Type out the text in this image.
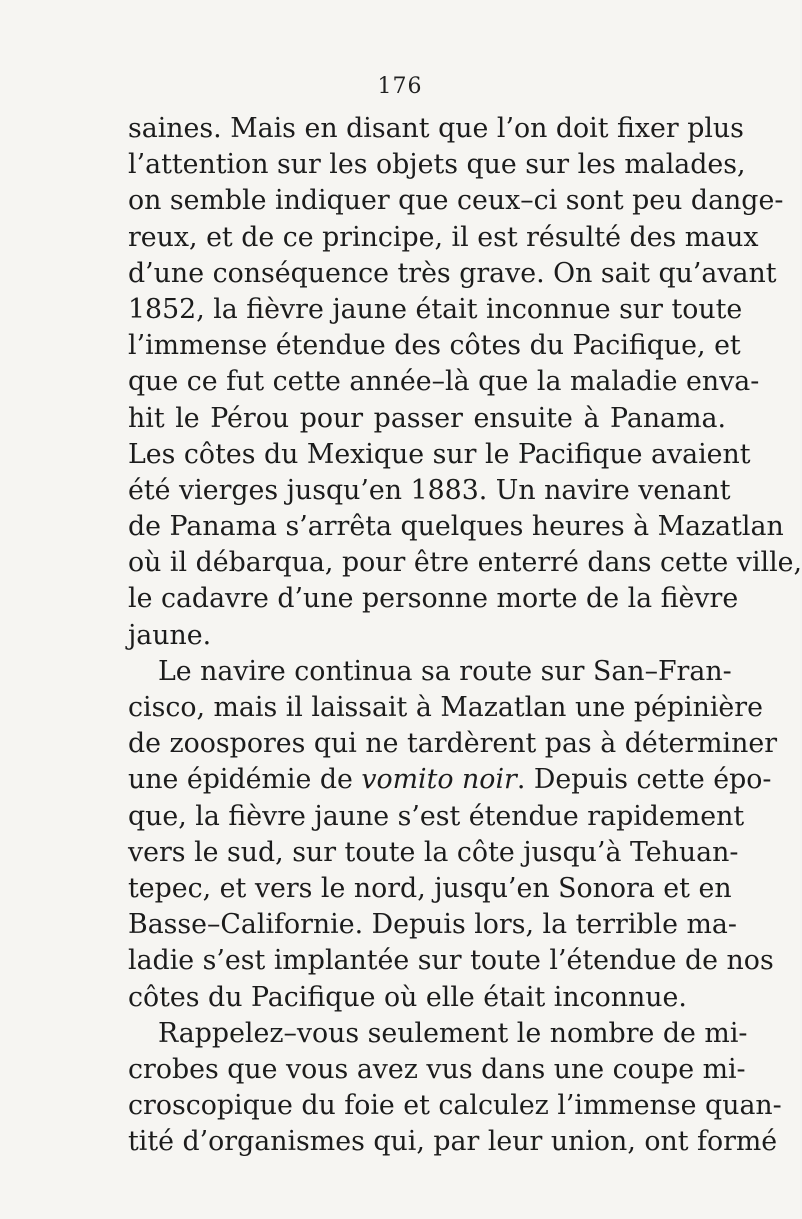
176
saines. Mais en disant que l’on doit fixer plus
l’attention sur les objets que sur les malades,
on semble indiquer que ceux–ci sont peu dange-
reux, et de ce principe, il est résulté des maux
d’une conséquence très grave. On sait qu’avant
1852, la fièvre jaune était inconnue sur toute
l’immense étendue des côtes du Pacifique, et
que ce fut cette année–là que la maladie enva-
hit le Pérou pour passer ensuite à Panama.
Les côtes du Mexique sur le Pacifique avaient
été vierges jusqu’en 1883. Un navire venant
de Panama s’arrêta quelques heures à Mazatlan
où il débarqua, pour être enterré dans cette ville,
le cadavre d’une personne morte de la fièvre
jaune.
Le navire continua sa route sur San–Fran-
cisco, mais il laissait à Mazatlan une pépinière
de zoospores qui ne tardèrent pas à déterminer
une épidémie de vomito noir. Depuis cette épo-
que, la fièvre jaune s’est étendue rapidement
vers le sud, sur toute la côte jusqu’à Tehuan-
tepec, et vers le nord, jusqu’en Sonora et en
Basse–Californie. Depuis lors, la terrible ma-
ladie s’est implantée sur toute l’étendue de nos
côtes du Pacifique où elle était inconnue.
Rappelez–vous seulement le nombre de mi-
crobes que vous avez vus dans une coupe mi-
croscopique du foie et calculez l’immense quan-
tité d’organismes qui, par leur union, ont formé
